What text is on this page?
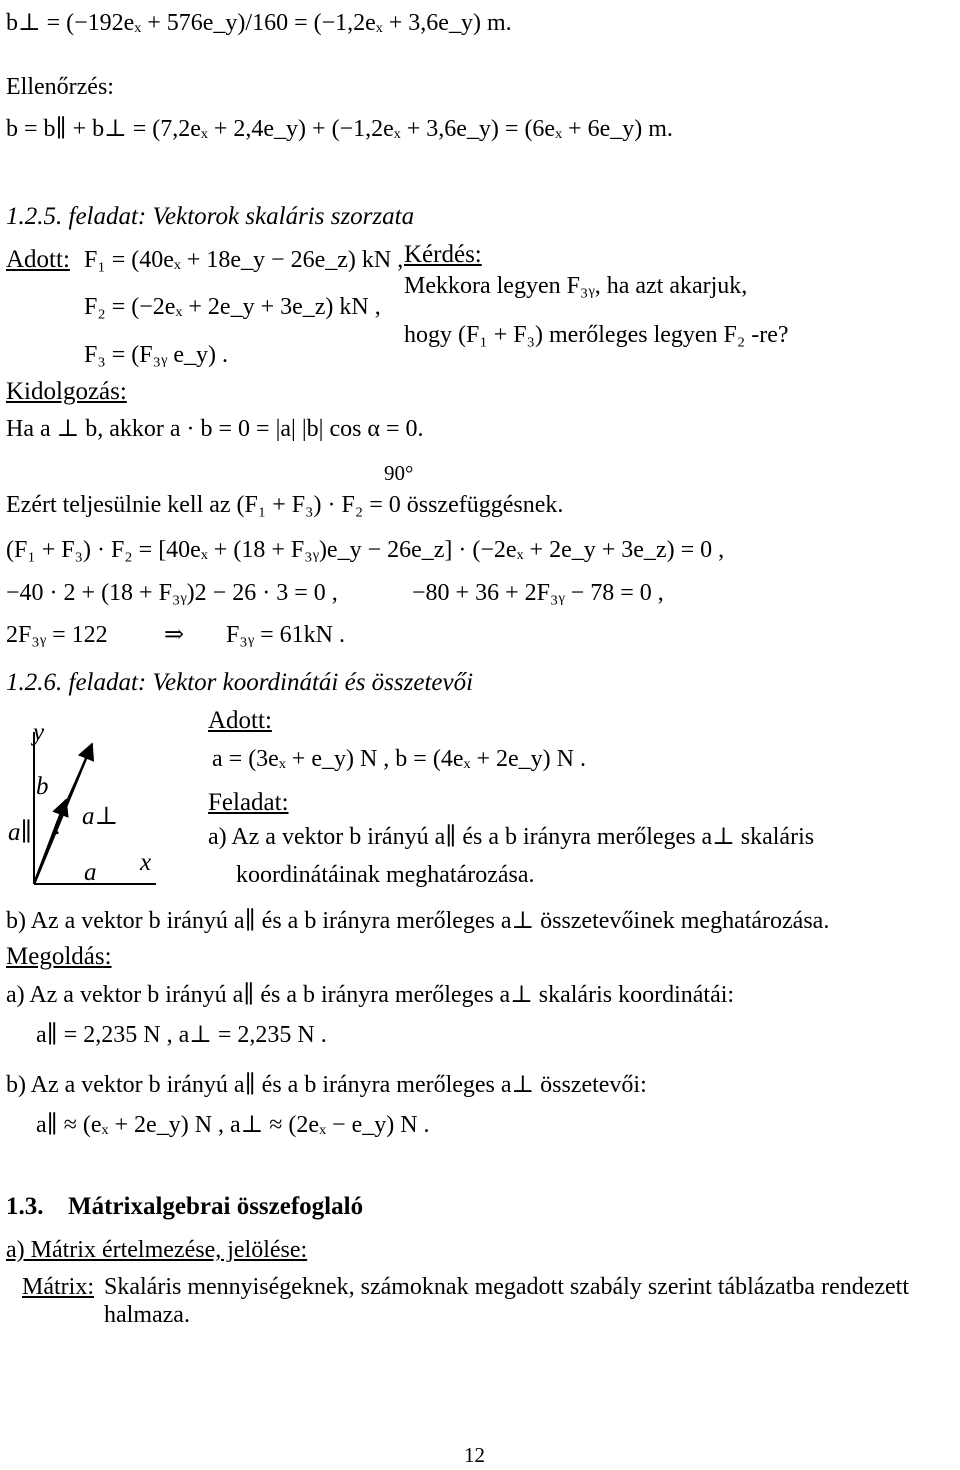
b⊥ = (−192eₓ + 576e_y)/160 = (−1,2eₓ + 3,6e_y) m.
Ellenőrzés:
b = b∥ + b⊥ = (7,2eₓ + 2,4e_y) + (−1,2eₓ + 3,6e_y) = (6eₓ + 6e_y) m.
1.2.5. feladat: Vektorok skaláris szorzata
Adott: F₁ = (40eₓ + 18e_y − 26e_z) kN ,
F₂ = (−2eₓ + 2e_y + 3e_z) kN ,
F₃ = (F₃ᵧ e_y) .
Kérdés:
Mekkora legyen F₃ᵧ, ha azt akarjuk,
hogy (F₁ + F₃) merőleges legyen F₂ -re?
Kidolgozás:
Ha a ⊥ b, akkor a · b = 0 = |a| |b| cos α = 0.
90°
Ezért teljesülnie kell az (F₁ + F₃) · F₂ = 0 összefüggésnek.
(F₁ + F₃) · F₂ = [40eₓ + (18 + F₃ᵧ)e_y − 26e_z] · (−2eₓ + 2e_y + 3e_z) = 0 ,
−40 · 2 + (18 + F₃ᵧ)2 − 26 · 3 = 0 ,	−80 + 36 + 2F₃ᵧ − 78 = 0 ,
2F₃ᵧ = 122 ⇒ F₃ᵧ = 61kN .
1.2.6. feladat: Vektor koordinátái és összetevői
y
b
a⊥
a∥ .
x
a
Adott:
a = (3eₓ + e_y) N , b = (4eₓ + 2e_y) N .
Feladat:
a) Az a vektor b irányú a∥ és a b irányra merőleges a⊥ skaláris
koordinátáinak meghatározása.
b) Az a vektor b irányú a∥ és a b irányra merőleges a⊥ összetevőinek meghatározása.
Megoldás:
a) Az a vektor b irányú a∥ és a b irányra merőleges a⊥ skaláris koordinátái:
a∥ = 2,235 N , a⊥ = 2,235 N .
b) Az a vektor b irányú a∥ és a b irányra merőleges a⊥ összetevői:
a∥ ≈ (eₓ + 2e_y) N , a⊥ ≈ (2eₓ − e_y) N .
1.3. Mátrixalgebrai összefoglaló
a) Mátrix értelmezése, jelölése:
Mátrix: Skaláris mennyiségeknek, számoknak megadott szabály szerint táblázatba rendezett
halmaza.
12
